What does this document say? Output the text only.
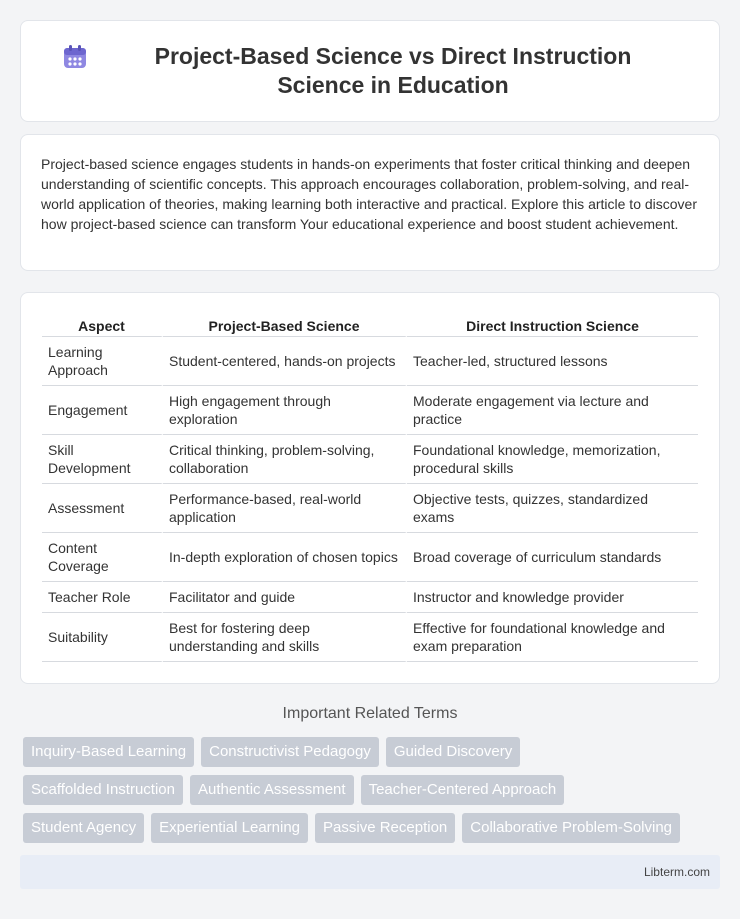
Project-Based Science vs Direct Instruction Science in Education

Project-based science engages students in hands-on experiments that foster critical thinking and deepen understanding of scientific concepts. This approach encourages collaboration, problem-solving, and real-world application of theories, making learning both interactive and practical. Explore this article to discover how project-based science can transform Your educational experience and boost student achievement.

Aspect	Project-Based Science	Direct Instruction Science
Learning Approach	Student-centered, hands-on projects	Teacher-led, structured lessons
Engagement	High engagement through exploration	Moderate engagement via lecture and practice
Skill Development	Critical thinking, problem-solving, collaboration	Foundational knowledge, memorization, procedural skills
Assessment	Performance-based, real-world application	Objective tests, quizzes, standardized exams
Content Coverage	In-depth exploration of chosen topics	Broad coverage of curriculum standards
Teacher Role	Facilitator and guide	Instructor and knowledge provider
Suitability	Best for fostering deep understanding and skills	Effective for foundational knowledge and exam preparation
Important Related Terms
Inquiry-Based Learning	Constructivist Pedagogy	Guided Discovery
Scaffolded Instruction	Authentic Assessment	Teacher-Centered Approach
Student Agency	Experiential Learning	Passive Reception	Collaborative Problem-Solving
Libterm.com
